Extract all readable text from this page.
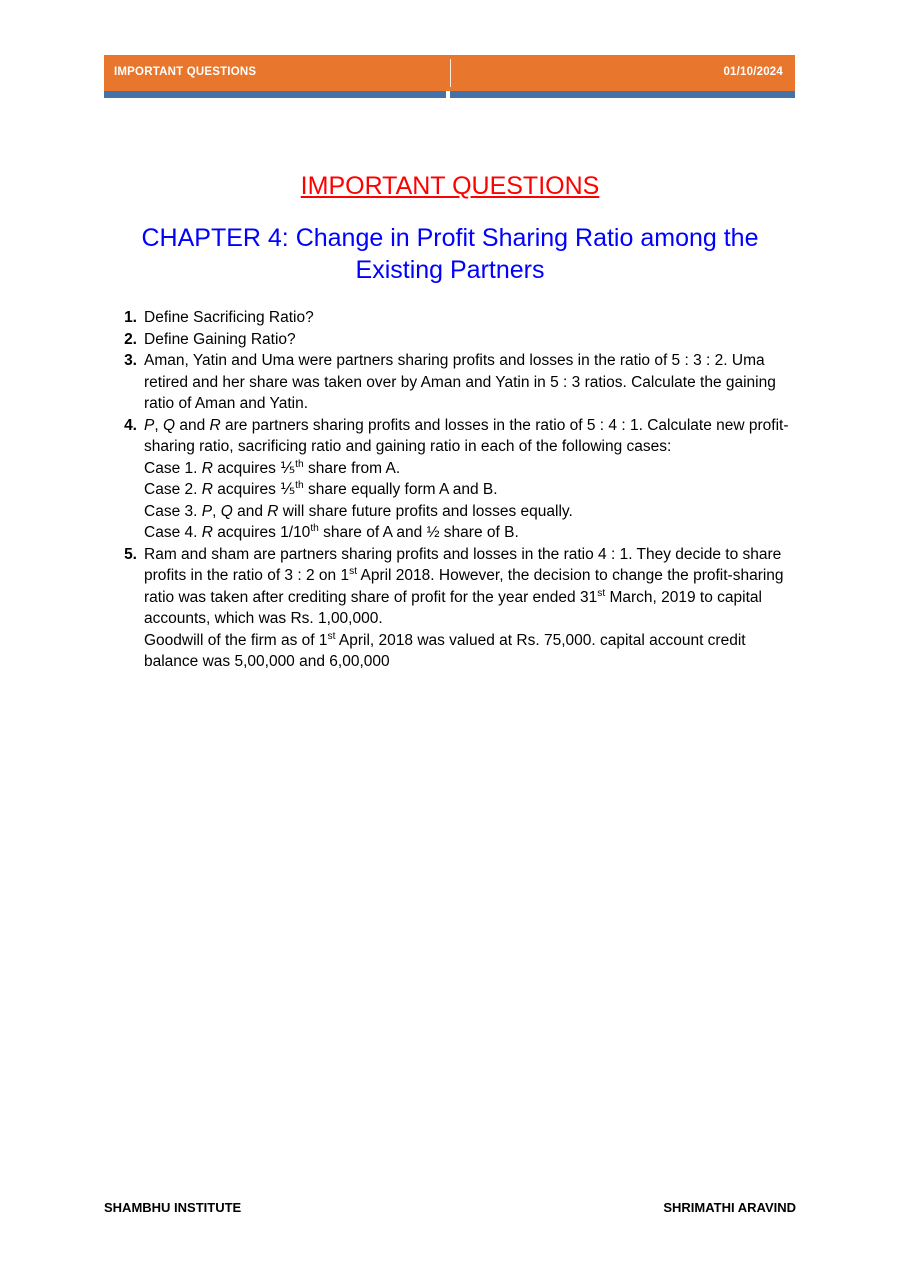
IMPORTANT QUESTIONS	01/10/2024
IMPORTANT QUESTIONS
CHAPTER 4: Change in Profit Sharing Ratio among the Existing Partners
1. Define Sacrificing Ratio?

2. Define Gaining Ratio?

3. Aman, Yatin and Uma were partners sharing profits and losses in the ratio of 5 : 3 : 2. Uma retired and her share was taken over by Aman and Yatin in 5 : 3 ratios. Calculate the gaining ratio of Aman and Yatin.

4. P, Q and R are partners sharing profits and losses in the ratio of 5 : 4 : 1. Calculate new profit-sharing ratio, sacrificing ratio and gaining ratio in each of the following cases:

Case 1. R acquires ⅕$^{th}$ share from A.

Case 2. R acquires ⅕$^{th}$ share equally form A and B.

Case 3. P, Q and R will share future profits and losses equally.

Case 4. R acquires 1/10th share of A and ½ share of B.

5. Ram and sham are partners sharing profits and losses in the ratio 4 : 1. They decide to share profits in the ratio of 3 : 2 on 1st April 2018. However, the decision to change the profit-sharing ratio was taken after crediting share of profit for the year ended 31st March, 2019 to capital accounts, which was Rs. 1,00,000.

Goodwill of the firm as of 1st April, 2018 was valued at Rs. 75,000. capital account credit balance was 5,00,000 and 6,00,000

SHAMBHU INSTITUTE	SHRIMATHI ARAVIND
